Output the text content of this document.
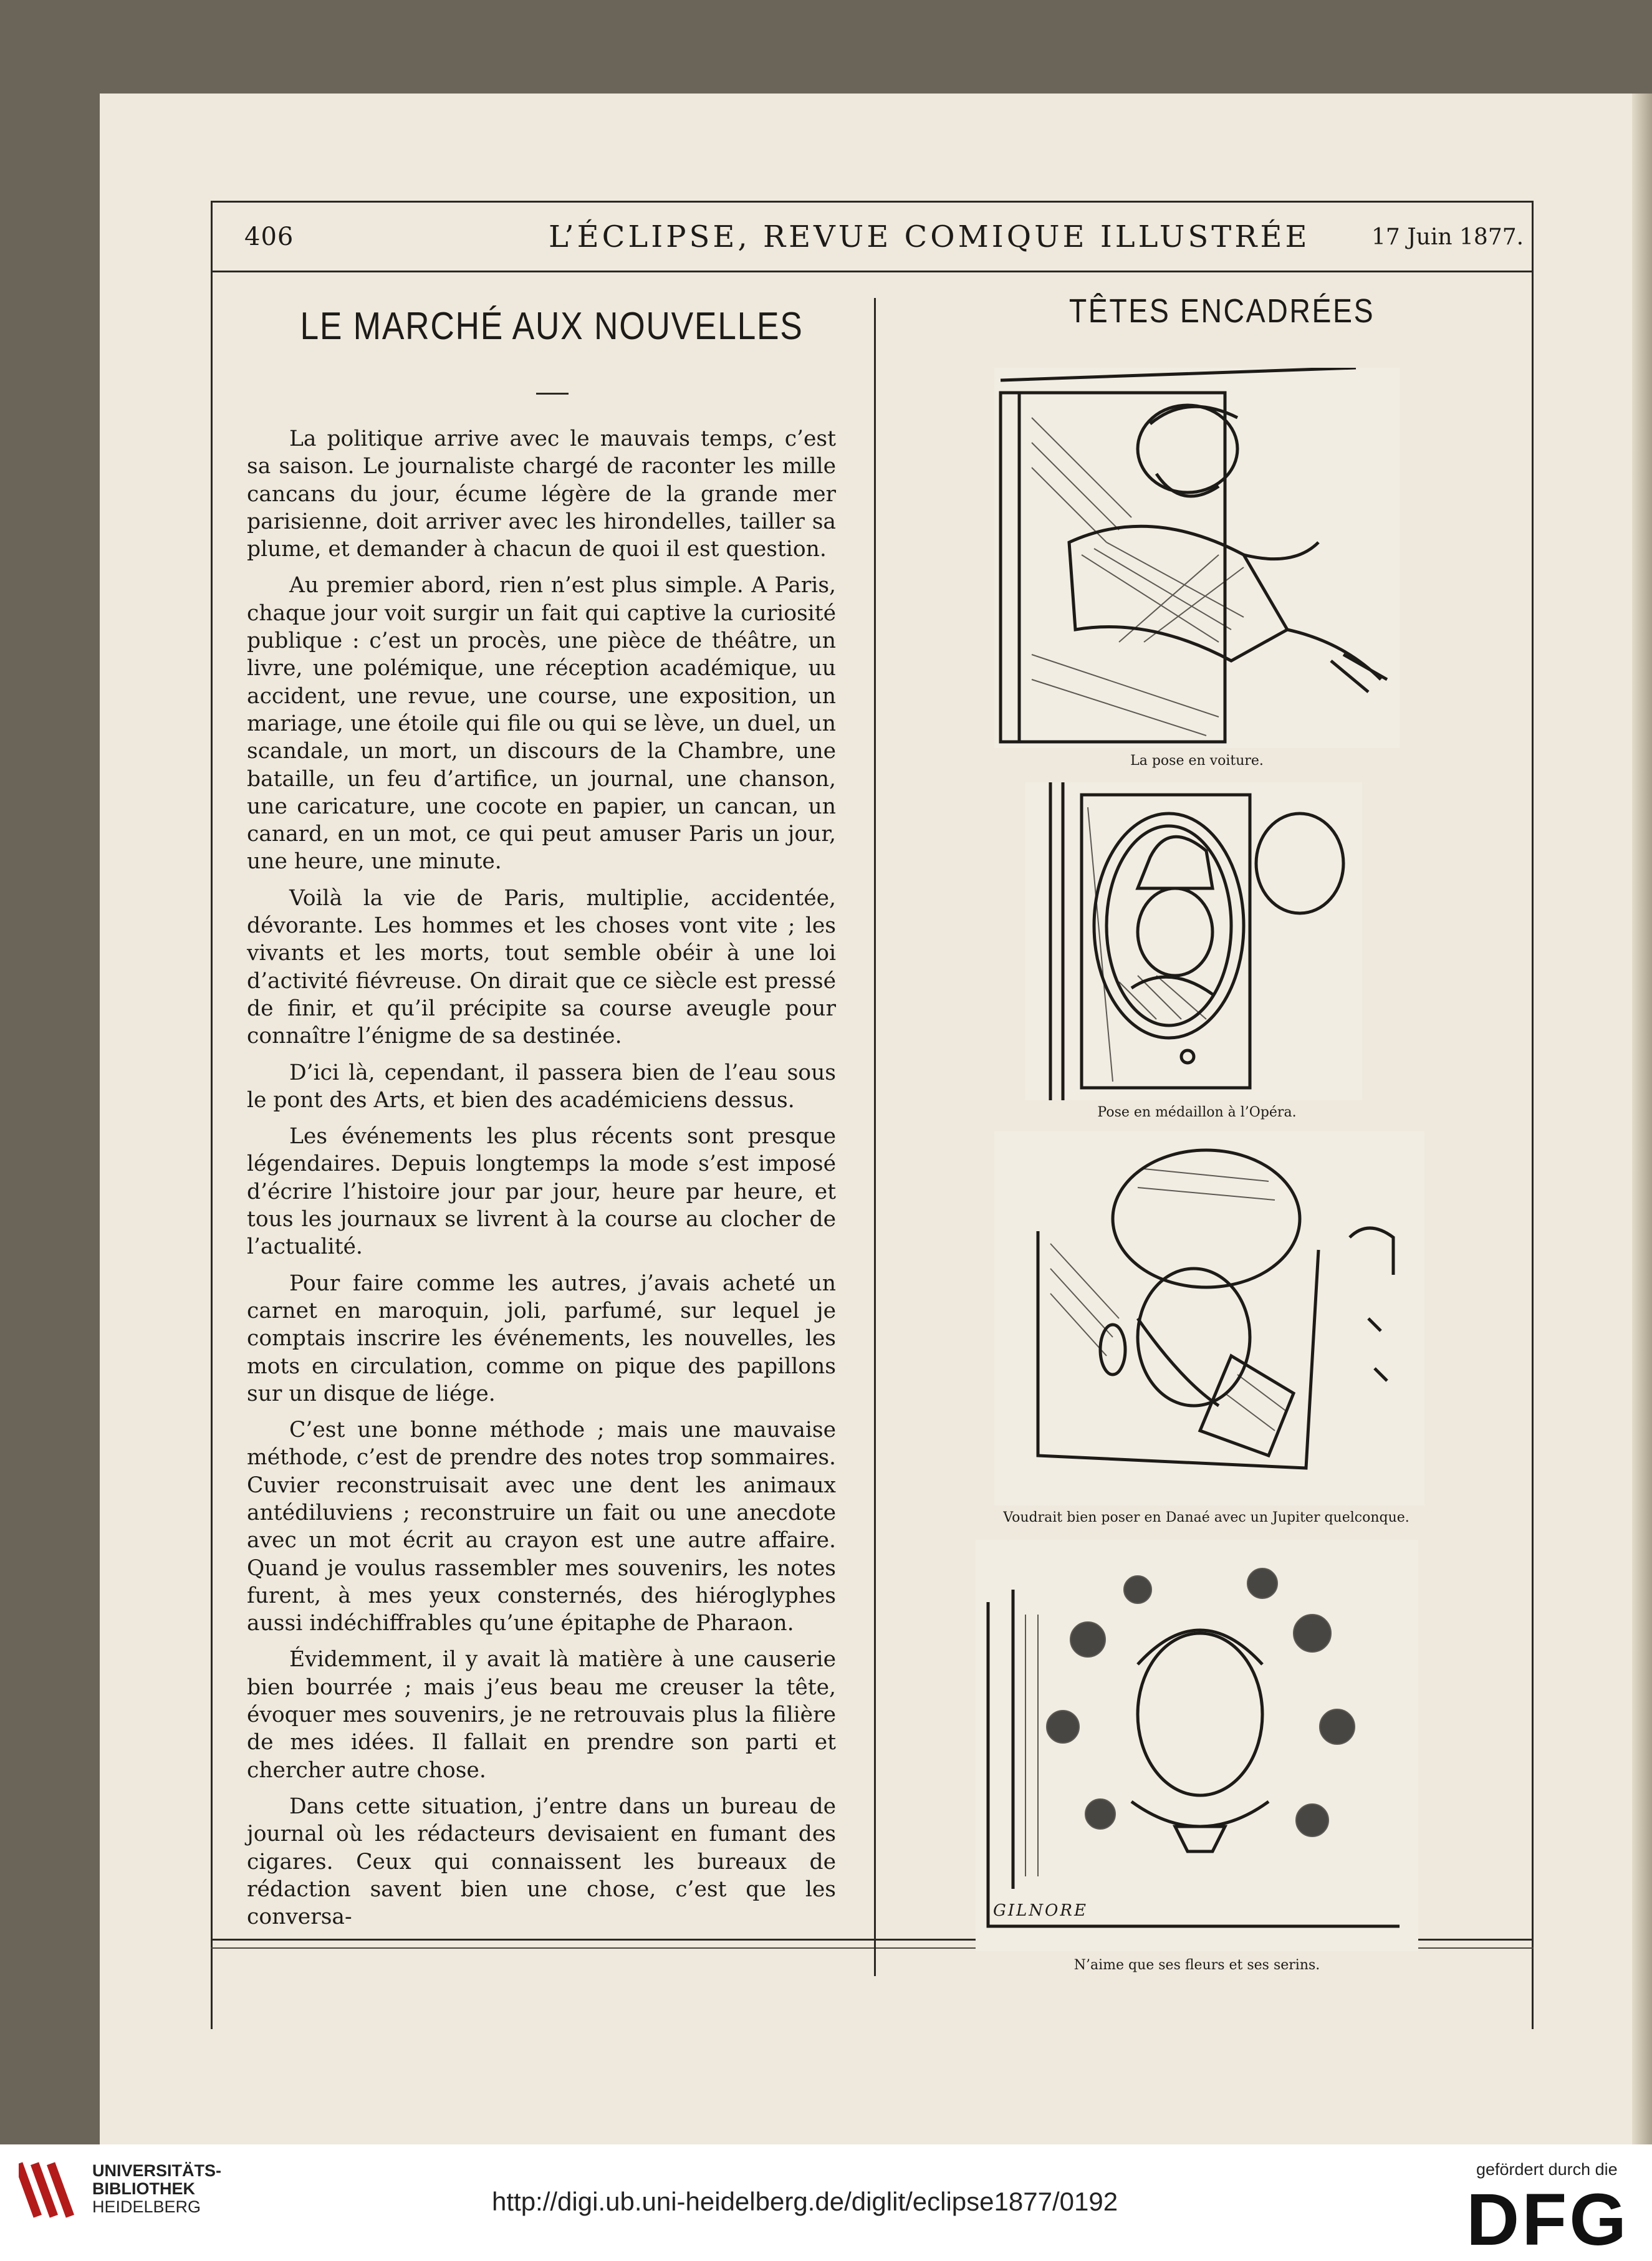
406	L’ÉCLIPSE, REVUE COMIQUE ILLUSTRÉE	17 Juin 1877.
LE MARCHÉ AUX NOUVELLES

La politique arrive avec le mauvais temps, c’est sa saison. Le journaliste chargé de raconter les mille cancans du jour, écume légère de la grande mer parisienne, doit arriver avec les hirondelles, tailler sa plume, et demander à chacun de quoi il est question.

Au premier abord, rien n’est plus simple. A Paris, chaque jour voit surgir un fait qui captive la curiosité publique : c’est un procès, une pièce de théâtre, un livre, une polémique, une réception académique, uu accident, une revue, une course, une exposition, un mariage, une étoile qui file ou qui se lève, un duel, un scandale, un mort, un discours de la Chambre, une bataille, un feu d’artifice, un journal, une chanson, une caricature, une cocote en papier, un cancan, un canard, en un mot, ce qui peut amuser Paris un jour, une heure, une minute.

Voilà la vie de Paris, multiplie, accidentée, dévorante. Les hommes et les choses vont vite ; les vivants et les morts, tout semble obéir à une loi d’activité fiévreuse. On dirait que ce siècle est pressé de finir, et qu’il précipite sa course aveugle pour connaître l’énigme de sa destinée.

D’ici là, cependant, il passera bien de l’eau sous le pont des Arts, et bien des académiciens dessus.

Les événements les plus récents sont presque légendaires. Depuis longtemps la mode s’est imposé d’écrire l’histoire jour par jour, heure par heure, et tous les journaux se livrent à la course au clocher de l’actualité.

Pour faire comme les autres, j’avais acheté un carnet en maroquin, joli, parfumé, sur lequel je comptais inscrire les événements, les nouvelles, les mots en circulation, comme on pique des papillons sur un disque de liége.

C’est une bonne méthode ; mais une mauvaise méthode, c’est de prendre des notes trop sommaires. Cuvier reconstruisait avec une dent les animaux antédiluviens ; reconstruire un fait ou une anecdote avec un mot écrit au crayon est une autre affaire. Quand je voulus rassembler mes souvenirs, les notes furent, à mes yeux consternés, des hiéroglyphes aussi indéchiffrables qu’une épitaphe de Pharaon.

Évidemment, il y avait là matière à une causerie bien bourrée ; mais j’eus beau me creuser la tête, évoquer mes souvenirs, je ne retrouvais plus la filière de mes idées. Il fallait en prendre son parti et chercher autre chose.

Dans cette situation, j’entre dans un bureau de journal où les rédacteurs devisaient en fumant des cigares. Ceux qui connaissent les bureaux de rédaction savent bien une chose, c’est que les conversa-

TÊTES ENCADRÉES
La pose en voiture.
Pose en médaillon à l’Opéra.
Voudrait bien poser en Danaé avec un Jupiter quelconque.
GILNORE
N’aime que ses fleurs et ses serins.
UNIVERSITÄTS-
BIBLIOTHEK
HEIDELBERG	http://digi.ub.uni-heidelberg.de/diglit/eclipse1877/0192
gefördert durch die
DFG
